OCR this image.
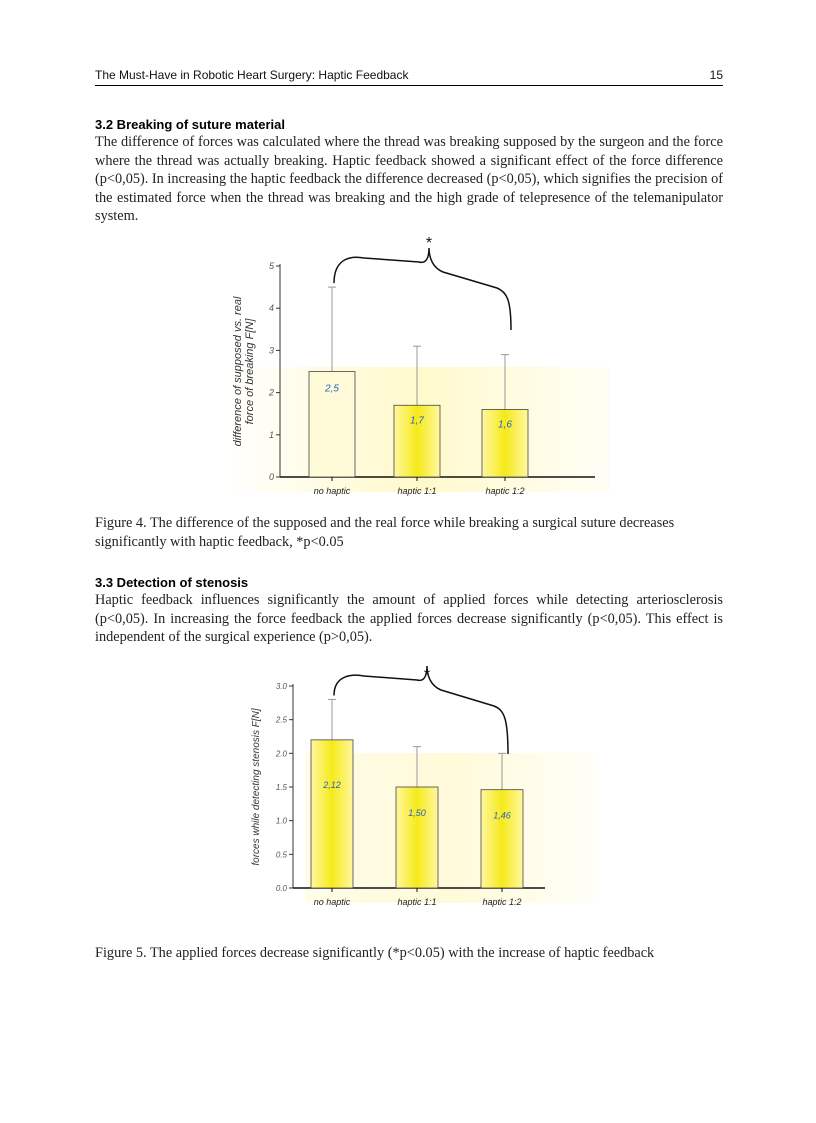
The Must-Have in Robotic Heart Surgery: Haptic Feedback	15
3.2 Breaking of suture material

The difference of forces was calculated where the thread was breaking supposed by the surgeon and the force where the thread was actually breaking. Haptic feedback showed a significant effect of the force difference (p<0,05). In increasing the haptic feedback the difference decreased (p<0,05), which signifies the precision of the estimated force when the thread was breaking and the high grade of telepresence of the telemanipulator system.

0
1
2
3
4
5
2,5
no haptic
1,7
haptic 1:1
1,6
haptic 1:2
*
difference of supposed vs. real force of breaking F[N]

Figure 4. The difference of the supposed and the real force while breaking a surgical suture decreases significantly with haptic feedback, *p<0.05

3.3 Detection of stenosis

Haptic feedback influences significantly the amount of applied forces while detecting arteriosclerosis (p<0,05). In increasing the force feedback the applied forces decrease significantly (p<0,05). This effect is independent of the surgical experience (p>0,05).

0.0
0.5
1.0
1.5
2.0
2.5
3.0
2,12
no haptic
1,50
haptic 1:1
1,46
haptic 1:2
*
forces while detecting stenosis F[N]

Figure 5. The applied forces decrease significantly (*p<0.05) with the increase of haptic feedback
